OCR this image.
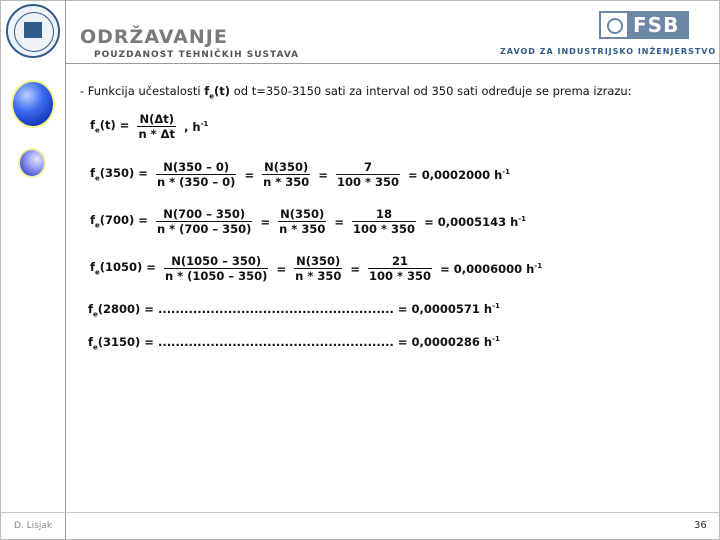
ODRŽAVANJE
POUZDANOST TEHNIČKIH SUSTAVA
FSB
ZAVOD ZA INDUSTRIJSKO INŽENJERSTVO
- Funkcija učestalosti $f_e(t)$ od t=350-3150 sati za interval od 350 sati određuje se prema izrazu:
$f_e(t) = \frac{N(\Delta t)}{n * \Delta t}$ , $h^{-1}$
$f_e(350) = \frac{N(350 - 0)}{n * (350 - 0)} = \frac{N(350)}{n * 350} = \frac{7}{100 * 350} = 0,0002000$ $h^{-1}$
$f_e(700) = \frac{N(700 - 350)}{n * (700 - 350)} = \frac{N(350)}{n * 350} = \frac{18}{100 * 350} = 0,0005143$ $h^{-1}$
$f_e(1050) = \frac{N(1050 - 350)}{n * (1050 - 350)} = \frac{N(350)}{n * 350} = \frac{21}{100 * 350} = 0,0006000$ $h^{-1}$
$f_e(2800)$ = ...................................................... = 0,0000571 $h^{-1}$
$f_e(3150)$ = ...................................................... = 0,0000286 $h^{-1}$
D. Lisjak	36
